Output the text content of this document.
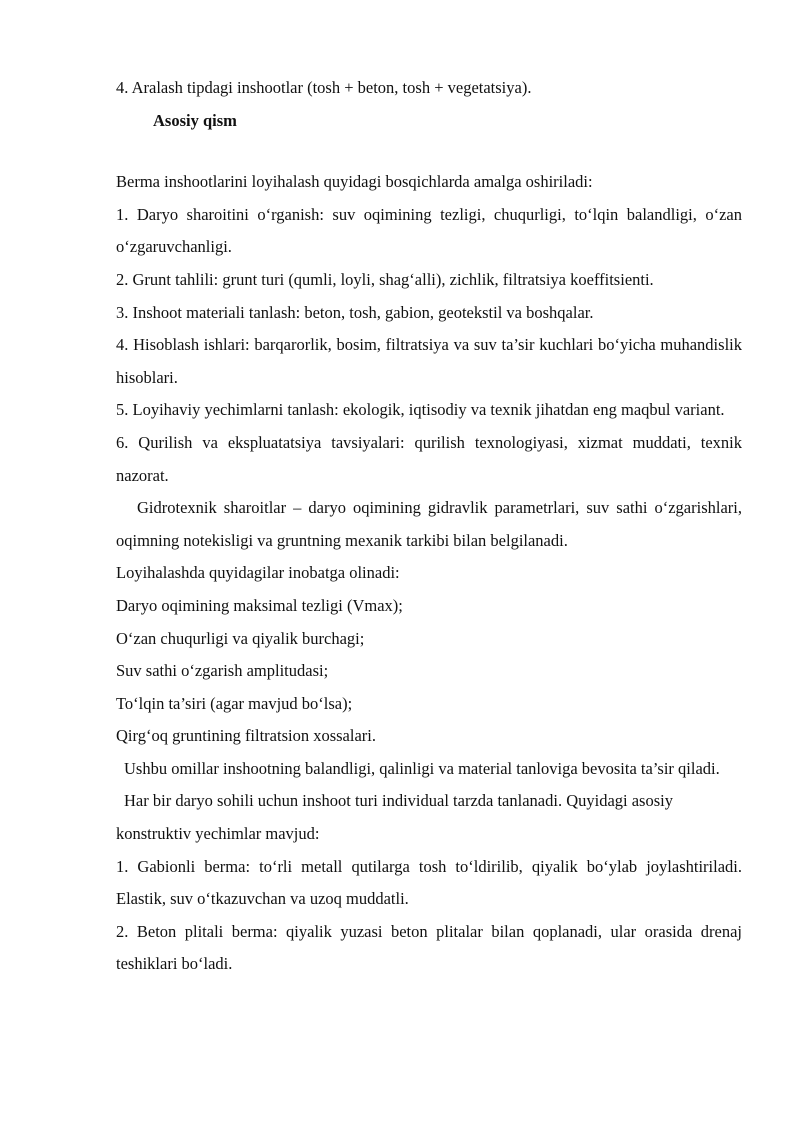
4. Aralash tipdagi inshootlar (tosh + beton, tosh + vegetatsiya).

Asosiy qism

Berma inshootlarini loyihalash quyidagi bosqichlarda amalga oshiriladi:

1. Daryo sharoitini o‘rganish: suv oqimining tezligi, chuqurligi, to‘lqin balandligi, o‘zan o‘zgaruvchanligi.

2. Grunt tahlili: grunt turi (qumli, loyli, shag‘alli), zichlik, filtratsiya koeffitsienti.

3. Inshoot materiali tanlash: beton, tosh, gabion, geotekstil va boshqalar.

4. Hisoblash ishlari: barqarorlik, bosim, filtratsiya va suv ta’sir kuchlari bo‘yicha muhandislik hisoblari.

5. Loyihaviy yechimlarni tanlash: ekologik, iqtisodiy va texnik jihatdan eng maqbul variant.

6. Qurilish va ekspluatatsiya tavsiyalari: qurilish texnologiyasi, xizmat muddati, texnik nazorat.

Gidrotexnik sharoitlar – daryo oqimining gidravlik parametrlari, suv sathi o‘zgarishlari, oqimning notekisligi va gruntning mexanik tarkibi bilan belgilanadi.

Loyihalashda quyidagilar inobatga olinadi:

Daryo oqimining maksimal tezligi (Vmax);

O‘zan chuqurligi va qiyalik burchagi;

Suv sathi o‘zgarish amplitudasi;

To‘lqin ta’siri (agar mavjud bo‘lsa);

Qirg‘oq gruntining filtratsion xossalari.

Ushbu omillar inshootning balandligi, qalinligi va material tanloviga bevosita ta’sir qiladi.

Har bir daryo sohili uchun inshoot turi individual tarzda tanlanadi. Quyidagi asosiy konstruktiv yechimlar mavjud:

1. Gabionli berma: to‘rli metall qutilarga tosh to‘ldirilib, qiyalik bo‘ylab joylashtiriladi. Elastik, suv o‘tkazuvchan va uzoq muddatli.

2. Beton plitali berma: qiyalik yuzasi beton plitalar bilan qoplanadi, ular orasida drenaj teshiklari bo‘ladi.
